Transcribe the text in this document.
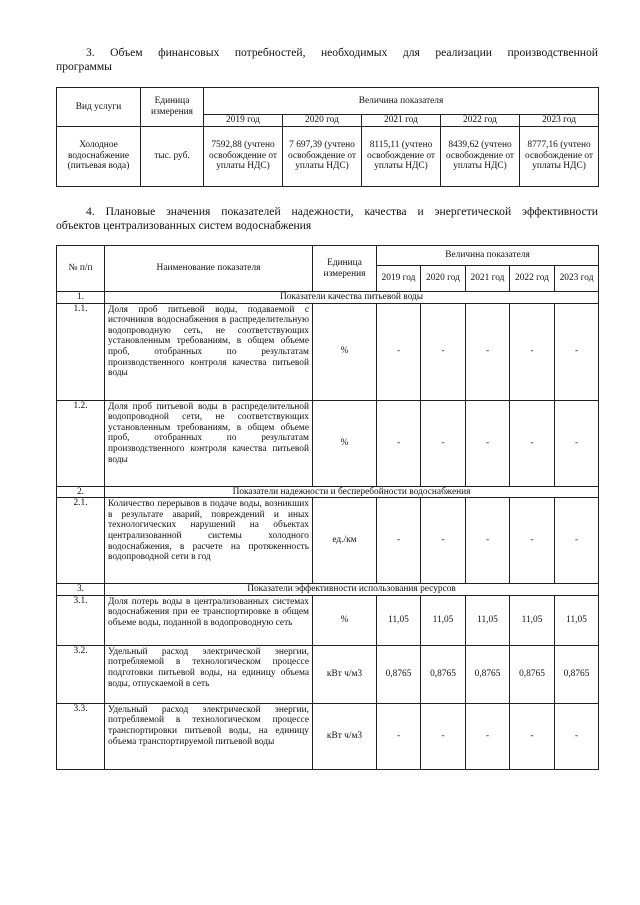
3. Объем финансовых потребностей, необходимых для реализации производственной
программы
Вид услуги	Единица измерения	Величина показателя				
		2019 год	2020 год	2021 год	2022 год	2023 год
Холодное водоснабжение (питьевая вода)	тыс. руб.	7592,88 (учтено освобождение от уплаты НДС)	7 697,39 (учтено освобождение от уплаты НДС)	8115,11 (учтено освобождение от уплаты НДС)	8439,62 (учтено освобождение от уплаты НДС)	8777,16 (учтено освобождение от уплаты НДС)
4. Плановые значения показателей надежности, качества и энергетической эффективности
объектов централизованных систем водоснабжения
№ п/п	Наименование показателя	Единица измерения	Величина показателя				
			2019 год	2020 год	2021 год	2022 год	2023 год
1.	Показатели качества питьевой воды						
1.1.	Доля проб питьевой воды, подаваемой с источников водоснабжения в распределительную водопроводную сеть, не соответствующих установленным требованиям, в общем объеме проб, отобранных по результатам производственного контроля качества питьевой воды	%	-	-	-	-	-
1.2.	Доля проб питьевой воды в распределительной водопроводной сети, не соответствующих установленным требованиям, в общем объеме проб, отобранных по результатам производственного контроля качества питьевой воды	%	-	-	-	-	-
2.	Показатели надежности и бесперебойности водоснабжения						
2.1.	Количество перерывов в подаче воды, возникших в результате аварий, повреждений и иных технологических нарушений на объектах централизованной системы холодного водоснабжения, в расчете на протяженность водопроводной сети в год	ед./км	-	-	-	-	-
3.	Показатели эффективности использования ресурсов						
3.1.	Доля потерь воды в централизованных системах водоснабжения при ее транспортировке в общем объеме воды, поданной в водопроводную сеть	%	11,05	11,05	11,05	11,05	11,05
3.2.	Удельный расход электрической энергии, потребляемой в технологическом процессе подготовки питьевой воды, на единицу объема воды, отпускаемой в сеть	кВт ч/м3	0,8765	0,8765	0,8765	0,8765	0,8765
3.3.	Удельный расход электрической энергии, потребляемой в технологическом процессе транспортировки питьевой воды, на единицу объема транспортируемой питьевой воды	кВт ч/м3	-	-	-	-	-
